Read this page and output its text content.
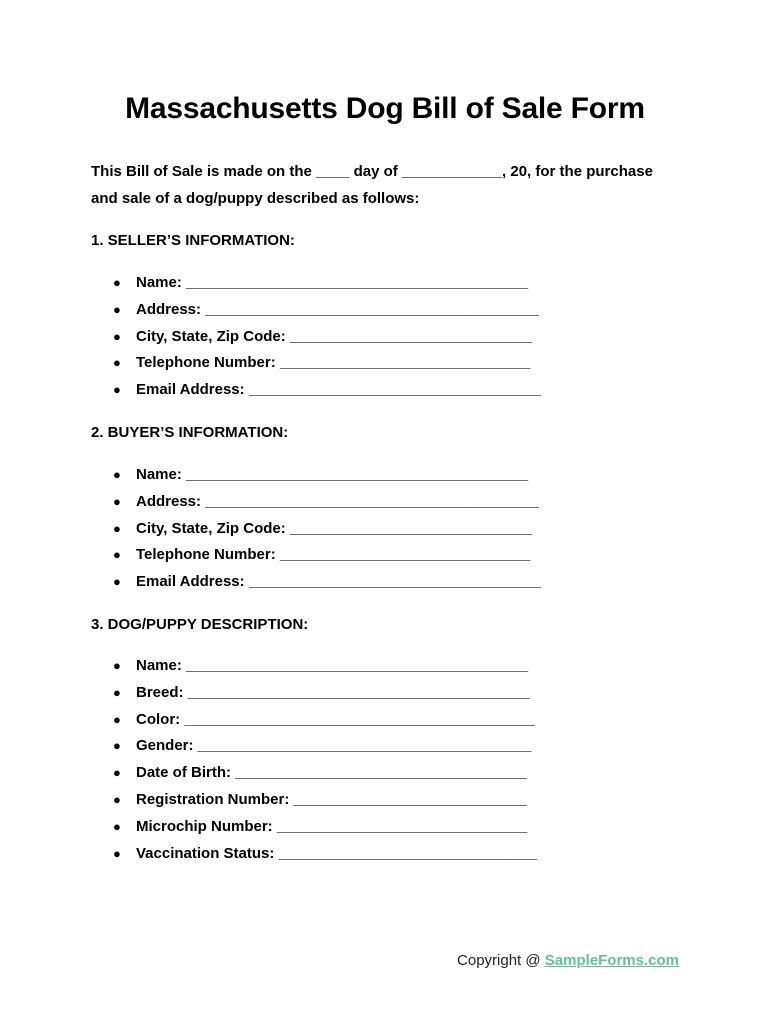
Massachusetts Dog Bill of Sale Form
This Bill of Sale is made on the ____ day of ____________, 20, for the purchase
and sale of a dog/puppy described as follows:
1. SELLER’S INFORMATION:
● Name: _________________________________________
● Address: ________________________________________
● City, State, Zip Code: _____________________________
● Telephone Number: ______________________________
● Email Address: ___________________________________
2. BUYER’S INFORMATION:
● Name: _________________________________________
● Address: ________________________________________
● City, State, Zip Code: _____________________________
● Telephone Number: ______________________________
● Email Address: ___________________________________
3. DOG/PUPPY DESCRIPTION:
● Name: _________________________________________
● Breed: _________________________________________
● Color: __________________________________________
● Gender: ________________________________________
● Date of Birth: ___________________________________
● Registration Number: ____________________________
● Microchip Number: ______________________________
● Vaccination Status: _______________________________
Copyright @ SampleForms.com
